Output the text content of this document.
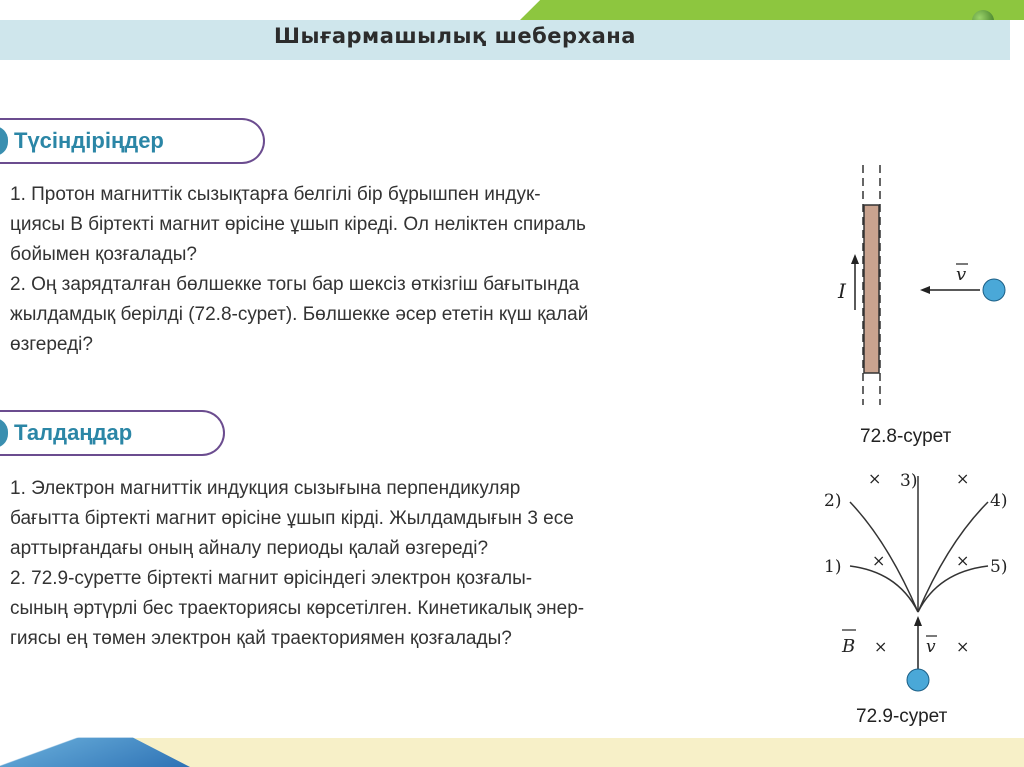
Шығармашылық шеберхана
Түсіндіріңдер
1. Протон магниттік сызықтарға белгілі бір бұрышпен индук-
циясы В біртекті магнит өрісіне ұшып кіреді. Ол неліктен спираль
бойымен қозғалады?
2. Оң зарядталған бөлшекке тогы бар шексіз өткізгіш бағытында
жылдамдық берілді (72.8-сурет). Бөлшекке әсер ететін күш қалай
өзгереді?
Талдаңдар
1. Электрон магниттік индукция сызығына перпендикуляр
бағытта біртекті магнит өрісіне ұшып кірді. Жылдамдығын 3 есе
арттырғандағы оның айналу периоды қалай өзгереді?
2. 72.9-суретте біртекті магнит өрісіндегі электрон қозғалы-
сының әртүрлі бес траекториясы көрсетілген. Кинетикалық энер-
гиясы ең төмен электрон қай траекториямен қозғалады?
I
v
72.8-сурет
×	×
×	×
×	×
1)
2)
3)
4)
5)
B	v
72.9-сурет
